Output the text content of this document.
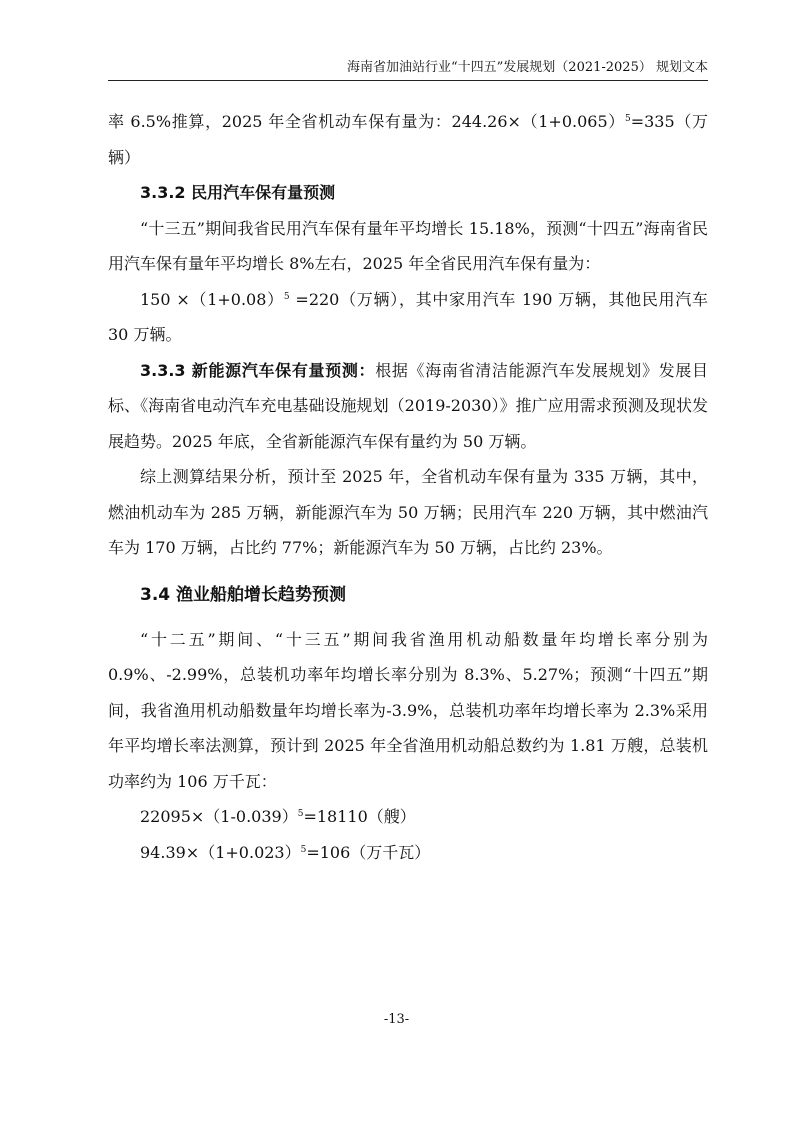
海南省加油站行业“十四五”发展规划（2021-2025） 规划文本

率 6.5%推算，2025 年全省机动车保有量为：$244.26\times(1+0.065)^5=335$（万辆）

3.3.2 民用汽车保有量预测

“十三五”期间我省民用汽车保有量年平均增长 15.18%，预测“十四五”海南省民用汽车保有量年平均增长 8%左右，2025 年全省民用汽车保有量为：

$150 \times(1+0.08)^5 =220$（万辆），其中家用汽车 190 万辆，其他民用汽车 30 万辆。

3.3.3 新能源汽车保有量预测：根据《海南省清洁能源汽车发展规划》发展目标、《海南省电动汽车充电基础设施规划（2019-2030）》推广应用需求预测及现状发展趋势。2025 年底，全省新能源汽车保有量约为 50 万辆。

综上测算结果分析，预计至 2025 年，全省机动车保有量为 335 万辆，其中，燃油机动车为 285 万辆，新能源汽车为 50 万辆；民用汽车 220 万辆，其中燃油汽车为 170 万辆，占比约 77%；新能源汽车为 50 万辆，占比约 23%。

3.4 渔业船舶增长趋势预测

“十二五”期间、“十三五”期间我省渔用机动船数量年均增长率分别为 0.9%、-2.99%，总装机功率年均增长率分别为 8.3%、5.27%；预测“十四五”期间，我省渔用机动船数量年均增长率为-3.9%，总装机功率年均增长率为 2.3%采用年平均增长率法测算，预计到 2025 年全省渔用机动船总数约为 1.81 万艘，总装机功率约为 106 万千瓦：

$22095\times(1-0.039)^5=18110$（艘）

$94.39\times(1+0.023)^5=106$（万千瓦）

-13-
